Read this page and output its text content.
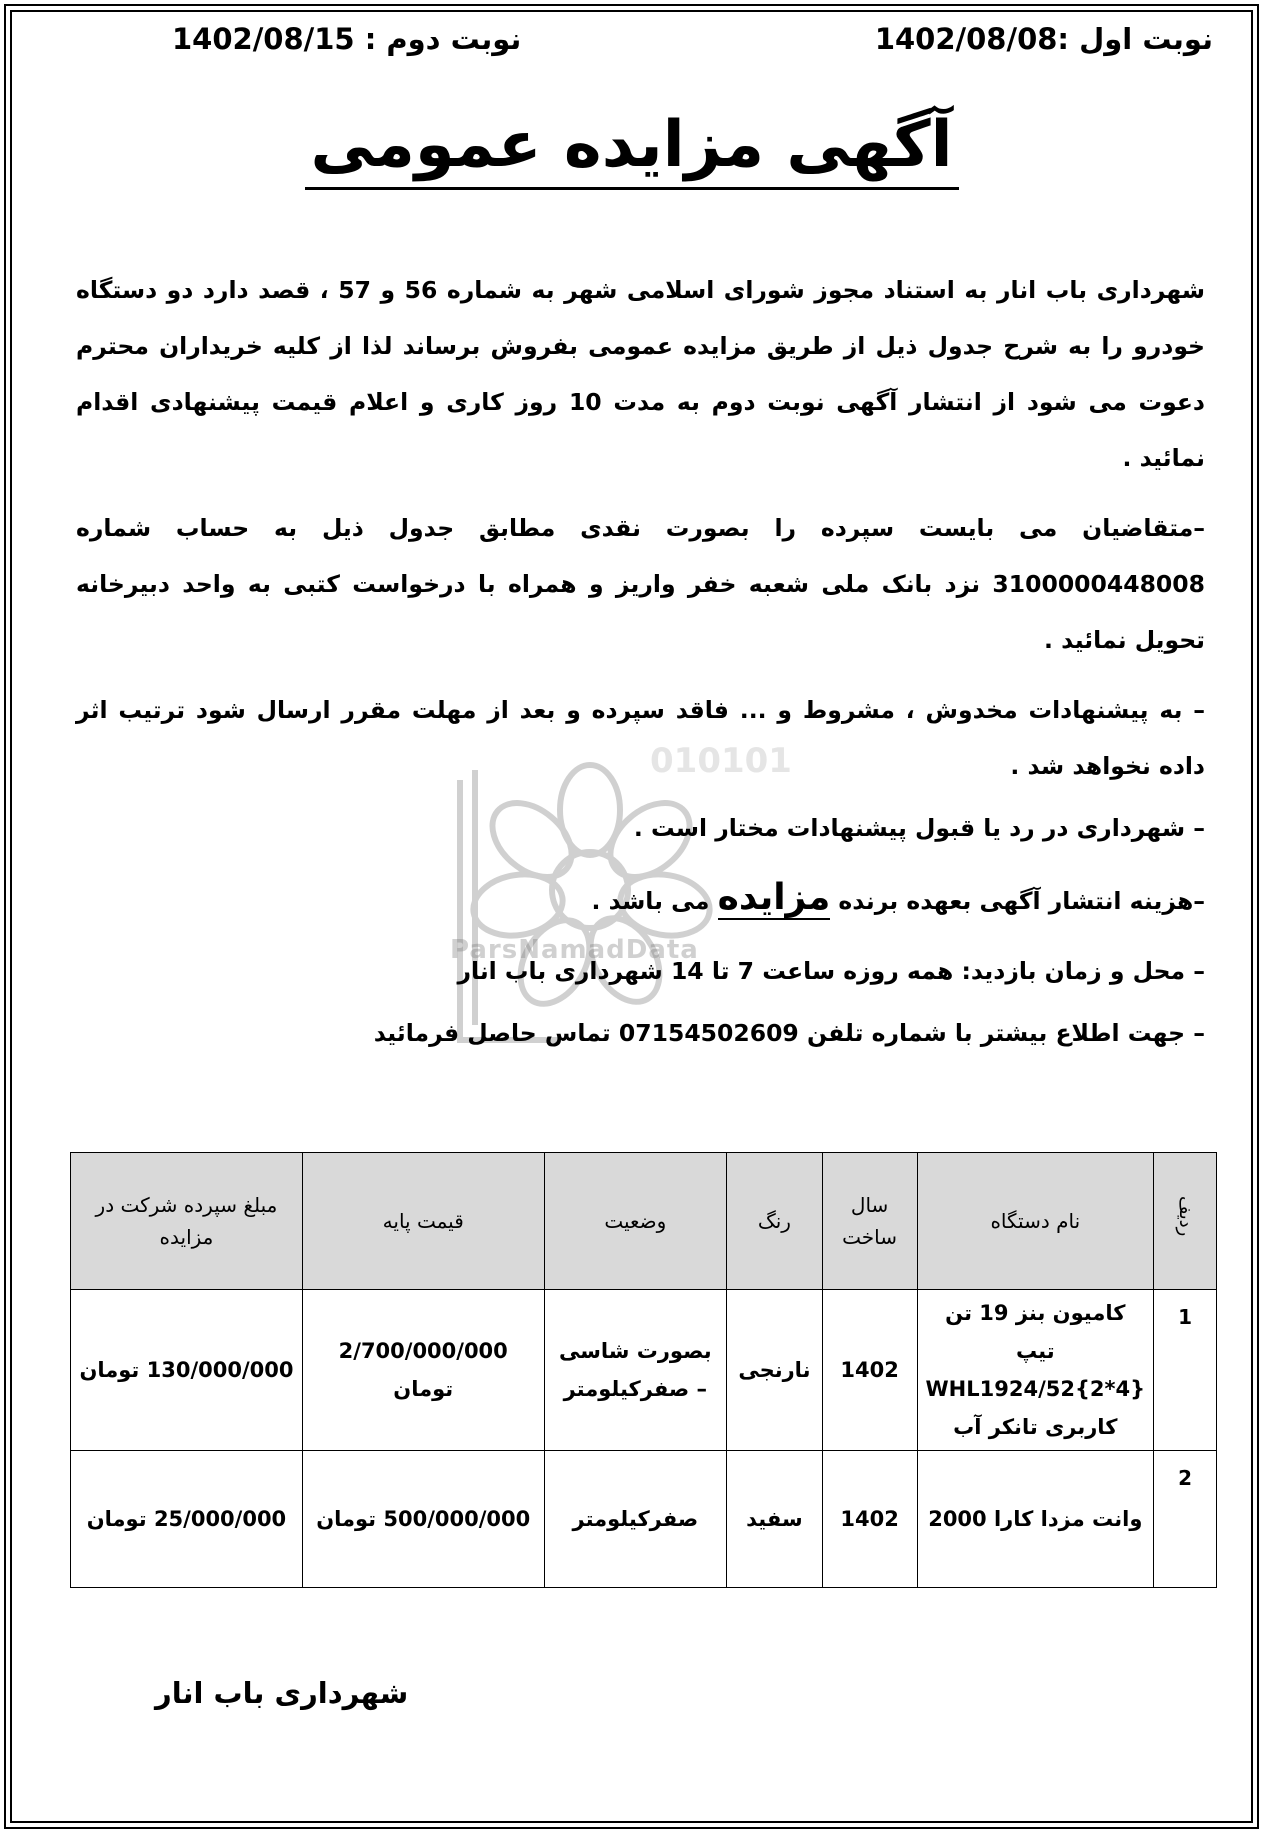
نوبت اول :1402/08/08
نوبت دوم : 1402/08/15
آگهی مزایده عمومی
010101
ParsNamadData

شهرداری باب انار به استناد مجوز شورای اسلامی شهر به شماره 56 و 57 ، قصد دارد دو دستگاه خودرو را به شرح جدول ذیل از طریق مزایده عمومی بفروش برساند لذا از کلیه خریداران محترم دعوت می شود از انتشار آگهی نوبت دوم به مدت 10 روز کاری و اعلام قیمت پیشنهادی اقدام نمائید .

–متقاضیان می بایست سپرده را بصورت نقدی مطابق جدول ذیل به حساب شماره 3100000448008 نزد بانک ملی شعبه خفر واریز و همراه با درخواست کتبی به واحد دبیرخانه تحویل نمائید .

– به پیشنهادات مخدوش ، مشروط و ... فاقد سپرده و بعد از مهلت مقرر ارسال شود ترتیب اثر داده نخواهد شد .

– شهرداری در رد یا قبول پیشنهادات مختار است .

–هزینه انتشار آگهی بعهده برنده مزایده می باشد .

– محل و زمان بازدید: همه روزه ساعت 7 تا 14 شهرداری باب انار

– جهت اطلاع بیشتر با شماره تلفن 07154502609 تماس حاصل فرمائید

ردیف	نام دستگاه	سال ساخت	رنگ	وضعیت	قیمت پایه	مبلغ سپرده شرکت در مزایده
1	کامیون بنز 19 تن تیپ WHL1924/52{2*4} کاربری تانکر آب	1402	نارنجی	بصورت شاسی – صفرکیلومتر	2/700/000/000 تومان	130/000/000 تومان
2	وانت مزدا کارا 2000	1402	سفید	صفرکیلومتر	500/000/000 تومان	25/000/000 تومان
شهرداری باب انار
